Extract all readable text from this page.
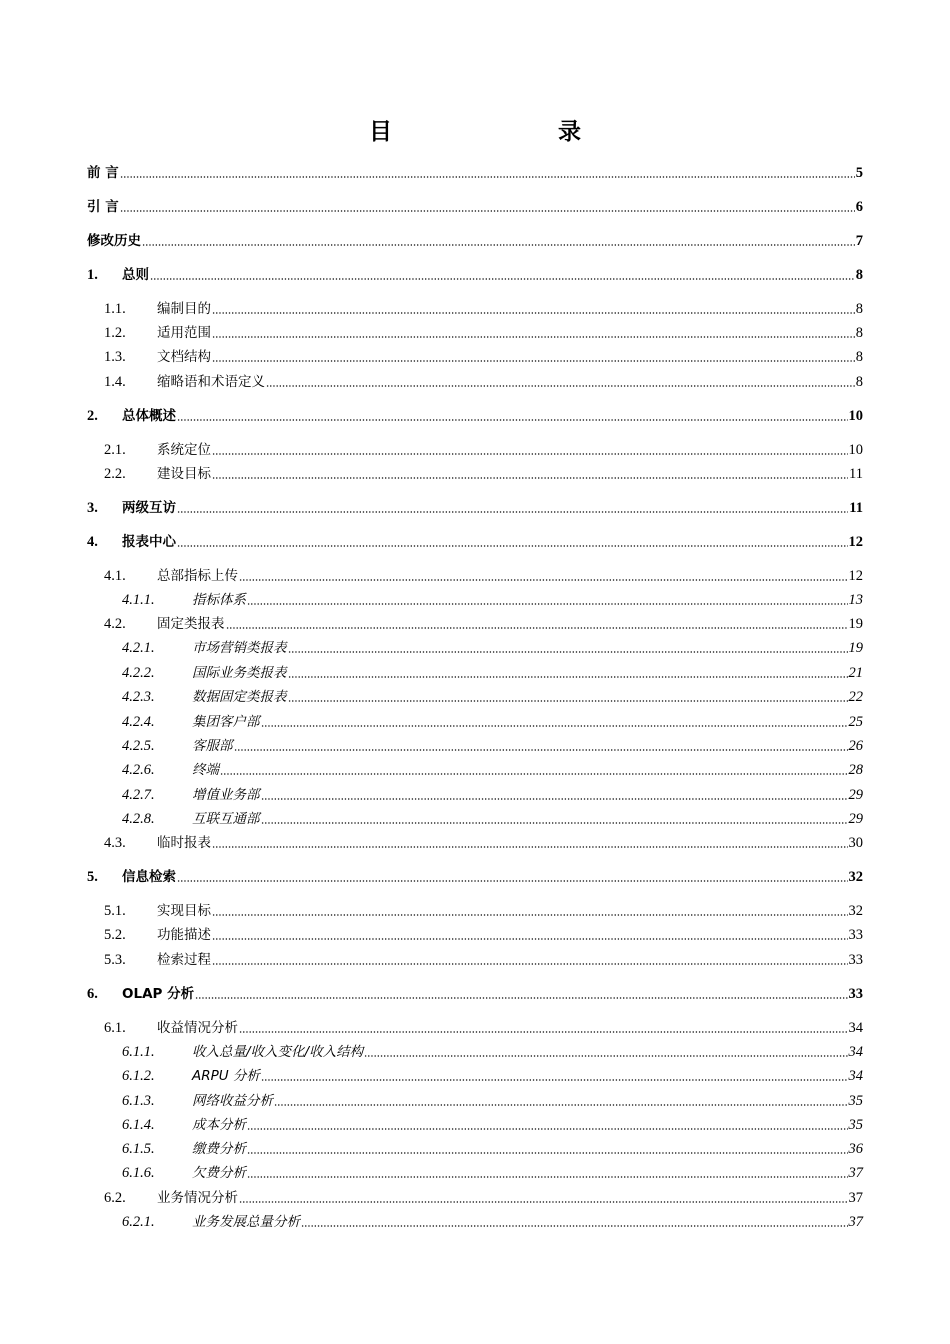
目　　录
前 言	5
引 言	6
修改历史	7
1.	总则	8
1.1.	编制目的	8
1.2.	适用范围	8
1.3.	文档结构	8
1.4.	缩略语和术语定义	8
2.	总体概述	10
2.1.	系统定位	10
2.2.	建设目标	11
3.	两级互访	11
4.	报表中心	12
4.1.	总部指标上传	12
4.1.1.	指标体系	13
4.2.	固定类报表	19
4.2.1.	市场营销类报表	19
4.2.2.	国际业务类报表	21
4.2.3.	数据固定类报表	22
4.2.4.	集团客户部	25
4.2.5.	客服部	26
4.2.6.	终端	28
4.2.7.	增值业务部	29
4.2.8.	互联互通部	29
4.3.	临时报表	30
5.	信息检索	32
5.1.	实现目标	32
5.2.	功能描述	33
5.3.	检索过程	33
6.	OLAP 分析	33
6.1.	收益情况分析	34
6.1.1.	收入总量/收入变化/收入结构	34
6.1.2.	ARPU 分析	34
6.1.3.	网络收益分析	35
6.1.4.	成本分析	35
6.1.5.	缴费分析	36
6.1.6.	欠费分析	37
6.2.	业务情况分析	37
6.2.1.	业务发展总量分析	37
